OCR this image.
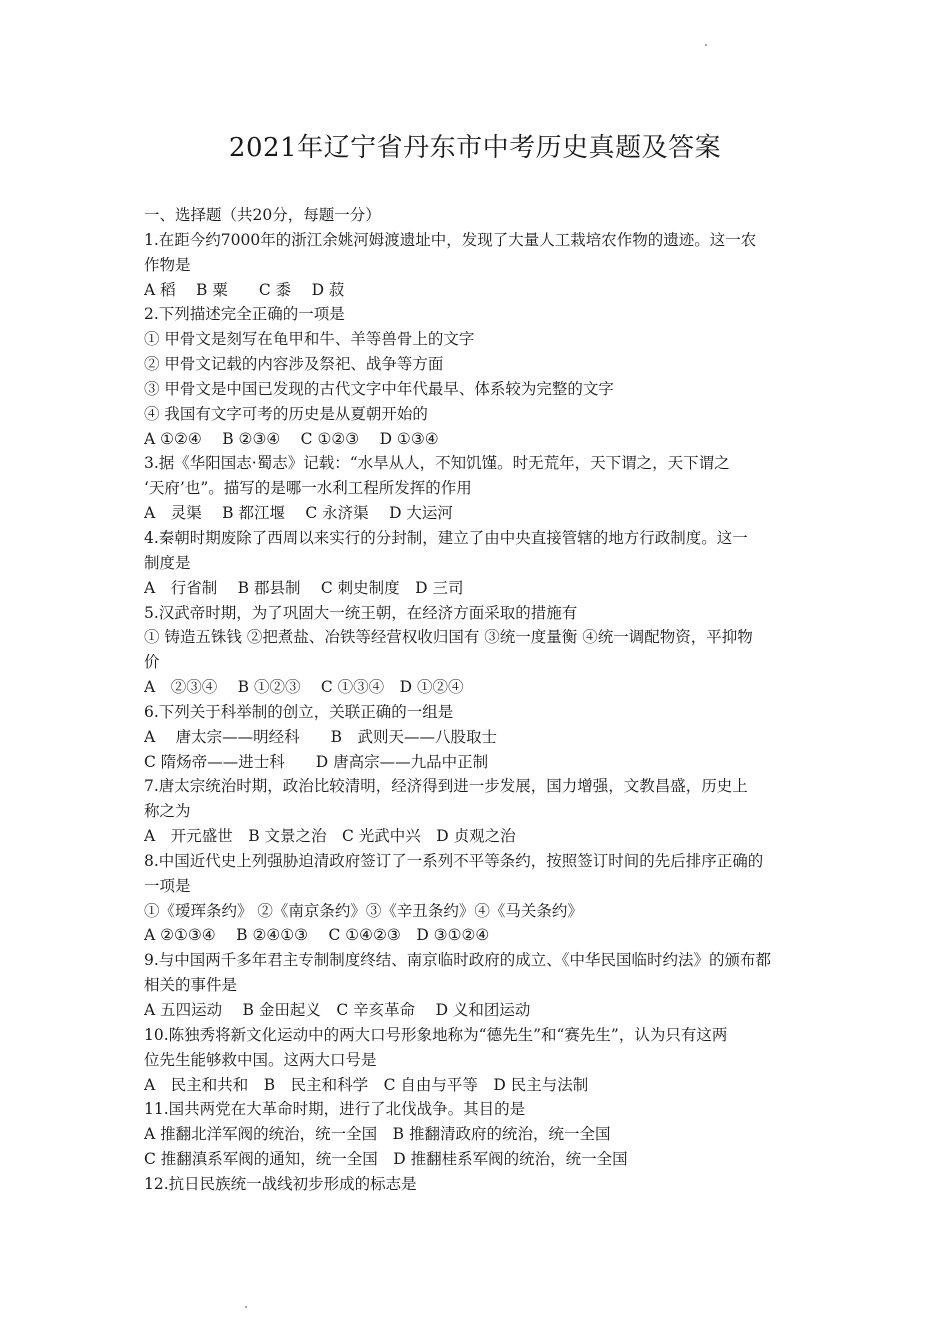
2021年辽宁省丹东市中考历史真题及答案
一、选择题（共20分，每题一分）
1.在距今约7000年的浙江余姚河姆渡遗址中，发现了大量人工栽培农作物的遗迹。这一农
作物是
A 稻　 B 粟　　C 黍　 D 菽
2.下列描述完全正确的一项是
① 甲骨文是刻写在龟甲和牛、羊等兽骨上的文字
② 甲骨文记载的内容涉及祭祀、战争等方面
③ 甲骨文是中国已发现的古代文字中年代最早、体系较为完整的文字
④ 我国有文字可考的历史是从夏朝开始的
A ①②④　 B ②③④　 C ①②③　 D ①③④
3.据《华阳国志·蜀志》记载：“水旱从人，不知饥馑。时无荒年，天下谓之，天下谓之
‘天府’也”。描写的是哪一水利工程所发挥的作用
A　灵渠　 B 都江堰　 C 永济渠　 D 大运河
4.秦朝时期废除了西周以来实行的分封制，建立了由中央直接管辖的地方行政制度。这一
制度是
A　行省制　 B 郡县制　 C 刺史制度　D 三司
5.汉武帝时期，为了巩固大一统王朝，在经济方面采取的措施有
① 铸造五铢钱 ②把煮盐、冶铁等经营权收归国有 ③统一度量衡 ④统一调配物资，平抑物
价
A　②③④　 B ①②③　 C ①③④　D ①②④
6.下列关于科举制的创立，关联正确的一组是
A　 唐太宗——明经科　　B　武则天——八股取士
C 隋炀帝——进士科　　D 唐高宗——九品中正制
7.唐太宗统治时期，政治比较清明，经济得到进一步发展，国力增强，文教昌盛，历史上
称之为
A　开元盛世　B 文景之治　C 光武中兴　D 贞观之治
8.中国近代史上列强胁迫清政府签订了一系列不平等条约，按照签订时间的先后排序正确的
一项是
①《瑷珲条约》 ②《南京条约》③《辛丑条约》④《马关条约》
A ②①③④　 B ②④①③　 C ①④②③　D ③①②④
9.与中国两千多年君主专制制度终结、南京临时政府的成立、《中华民国临时约法》的颁布都
相关的事件是
A 五四运动　 B 金田起义　C 辛亥革命　 D 义和团运动
10.陈独秀将新文化运动中的两大口号形象地称为“德先生”和“赛先生”，认为只有这两
位先生能够救中国。这两大口号是
A　民主和共和　B　民主和科学　C 自由与平等　D 民主与法制
11.国共两党在大革命时期，进行了北伐战争。其目的是
A 推翻北洋军阀的统治，统一全国　B 推翻清政府的统治，统一全国
C 推翻滇系军阀的通知，统一全国　D 推翻桂系军阀的统治，统一全国
12.抗日民族统一战线初步形成的标志是
